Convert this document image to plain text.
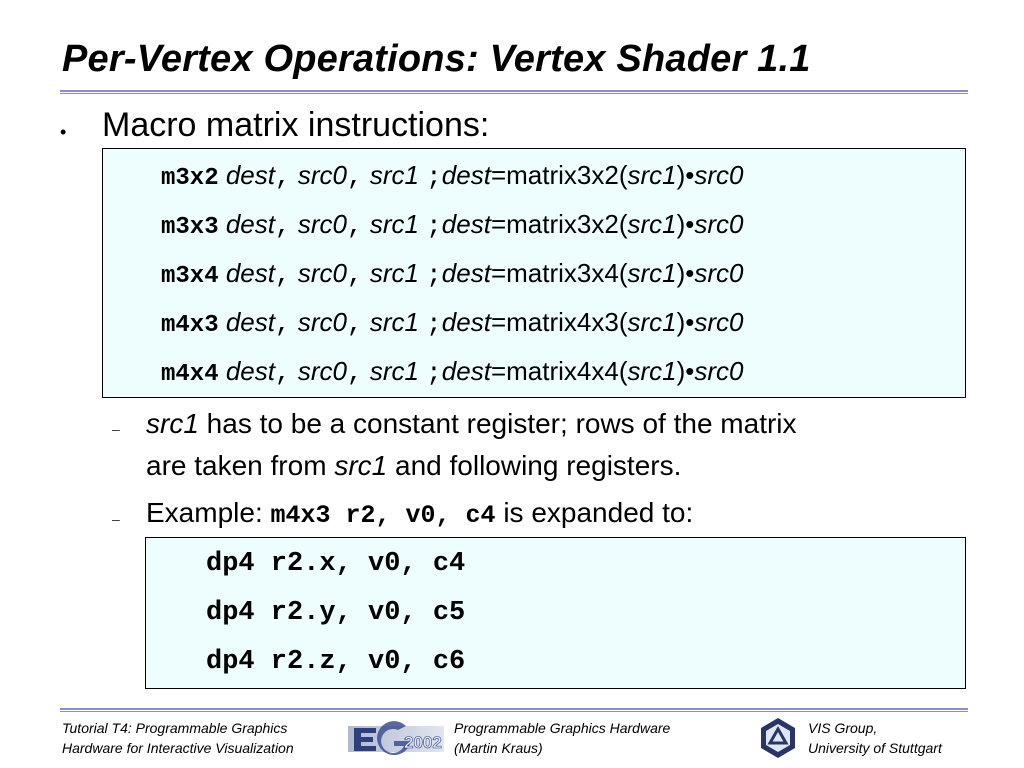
Per-Vertex Operations: Vertex Shader 1.1
• Macro matrix instructions:
m3x2 dest, src0, src1 ;dest=matrix3x2(src1)•src0
m3x3 dest, src0, src1 ;dest=matrix3x2(src1)•src0
m3x4 dest, src0, src1 ;dest=matrix3x4(src1)•src0
m4x3 dest, src0, src1 ;dest=matrix4x3(src1)•src0
m4x4 dest, src0, src1 ;dest=matrix4x4(src1)•src0
– src1 has to be a constant register; rows of the matrix
are taken from src1 and following registers.
– Example: m4x3 r2, v0, c4 is expanded to:
dp4 r2.x, v0, c4
dp4 r2.y, v0, c5
dp4 r2.z, v0, c6
Tutorial T4: Programmable Graphics
Hardware for Interactive Visualization	2002
Programmable Graphics Hardware
(Martin Kraus)
VIS Group,
University of Stuttgart
